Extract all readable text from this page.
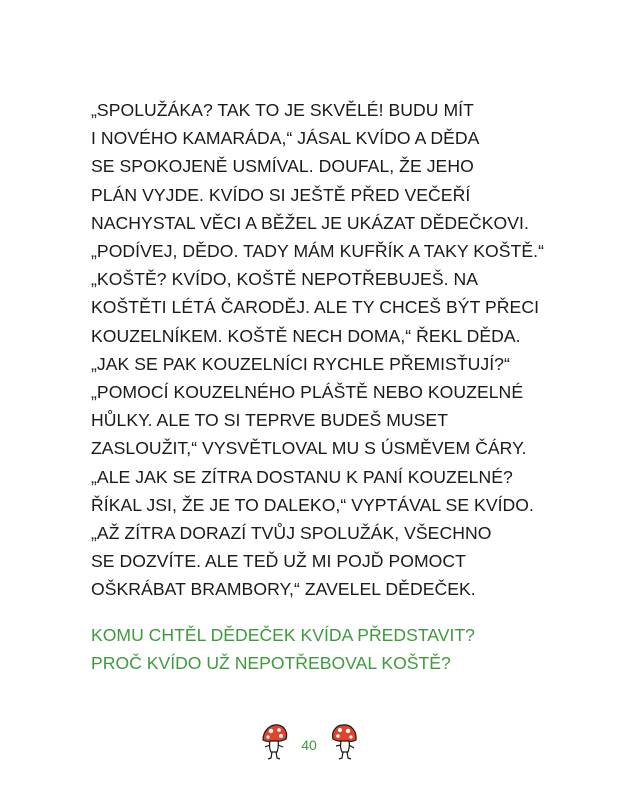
„SPOLUŽÁKA? TAK TO JE SKVĚLÉ! BUDU MÍT
I NOVÉHO KAMARÁDA,“ JÁSAL KVÍDO A DĚDA
SE SPOKOJENĚ USMÍVAL. DOUFAL, ŽE JEHO
PLÁN VYJDE. KVÍDO SI JEŠTĚ PŘED VEČEŘÍ
NACHYSTAL VĚCI A BĚŽEL JE UKÁZAT DĚDEČKOVI.
„PODÍVEJ, DĚDO. TADY MÁM KUFŘÍK A TAKY KOŠTĚ.“
„KOŠTĚ? KVÍDO, KOŠTĚ NEPOTŘEBUJEŠ. NA
KOŠTĚTI LÉTÁ ČARODĚJ. ALE TY CHCEŠ BÝT PŘECI
KOUZELNÍKEM. KOŠTĚ NECH DOMA,“ ŘEKL DĚDA.
„JAK SE PAK KOUZELNÍCI RYCHLE PŘEMISŤUJÍ?“
„POMOCÍ KOUZELNÉHO PLÁŠTĚ NEBO KOUZELNÉ
HŮLKY. ALE TO SI TEPRVE BUDEŠ MUSET
ZASLOUŽIT,“ VYSVĚTLOVAL MU S ÚSMĚVEM ČÁRY.
„ALE JAK SE ZÍTRA DOSTANU K PANÍ KOUZELNÉ?
ŘÍKAL JSI, ŽE JE TO DALEKO,“ VYPTÁVAL SE KVÍDO.
„AŽ ZÍTRA DORAZÍ TVŮJ SPOLUŽÁK, VŠECHNO
SE DOZVÍTE. ALE TEĎ UŽ MI POJĎ POMOCT
OŠKRÁBAT BRAMBORY,“ ZAVELEL DĚDEČEK.
KOMU CHTĚL DĚDEČEK KVÍDA PŘEDSTAVIT?
PROČ KVÍDO UŽ NEPOTŘEBOVAL KOŠTĚ?
40
